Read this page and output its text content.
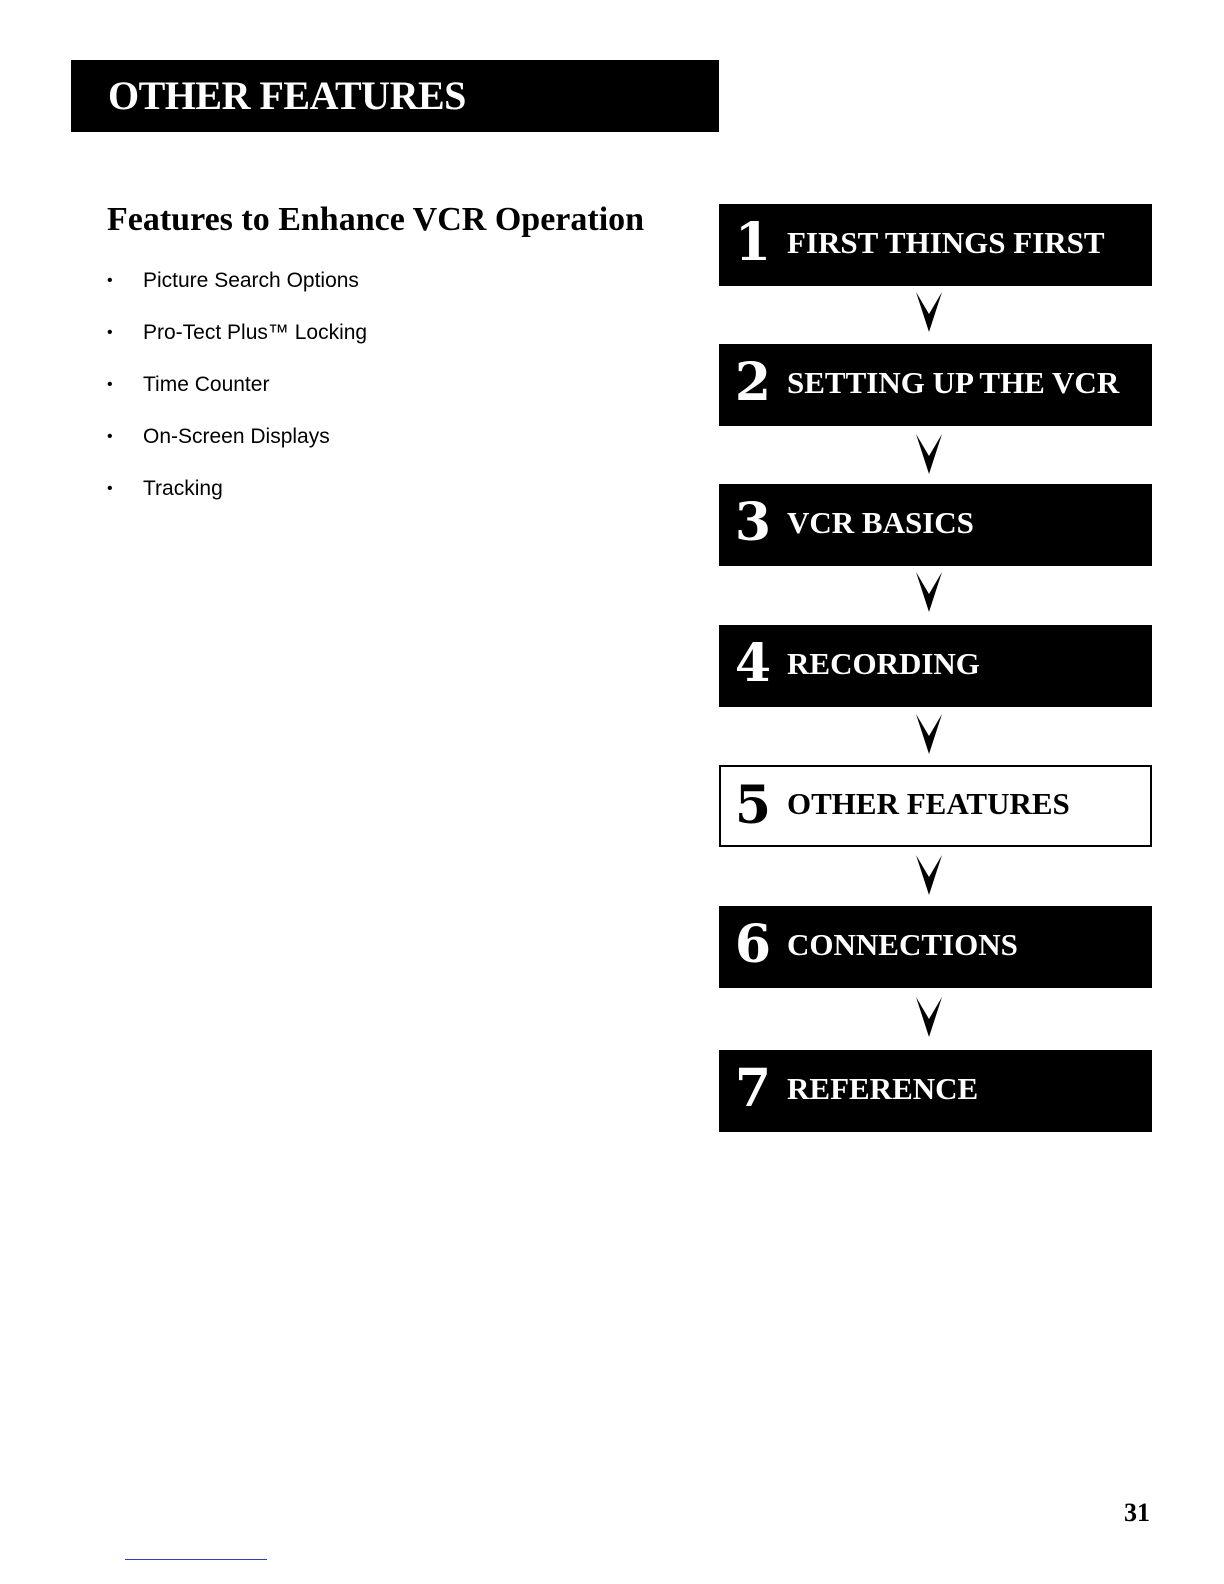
OTHER FEATURES
Features to Enhance VCR Operation
• Picture Search Options
• Pro-Tect Plus™ Locking
• Time Counter
• On-Screen Displays
• Tracking
1 FIRST THINGS FIRST
2 SETTING UP THE VCR
3 VCR BASICS
4 RECORDING
5 OTHER FEATURES
6 CONNECTIONS
7 REFERENCE
31
